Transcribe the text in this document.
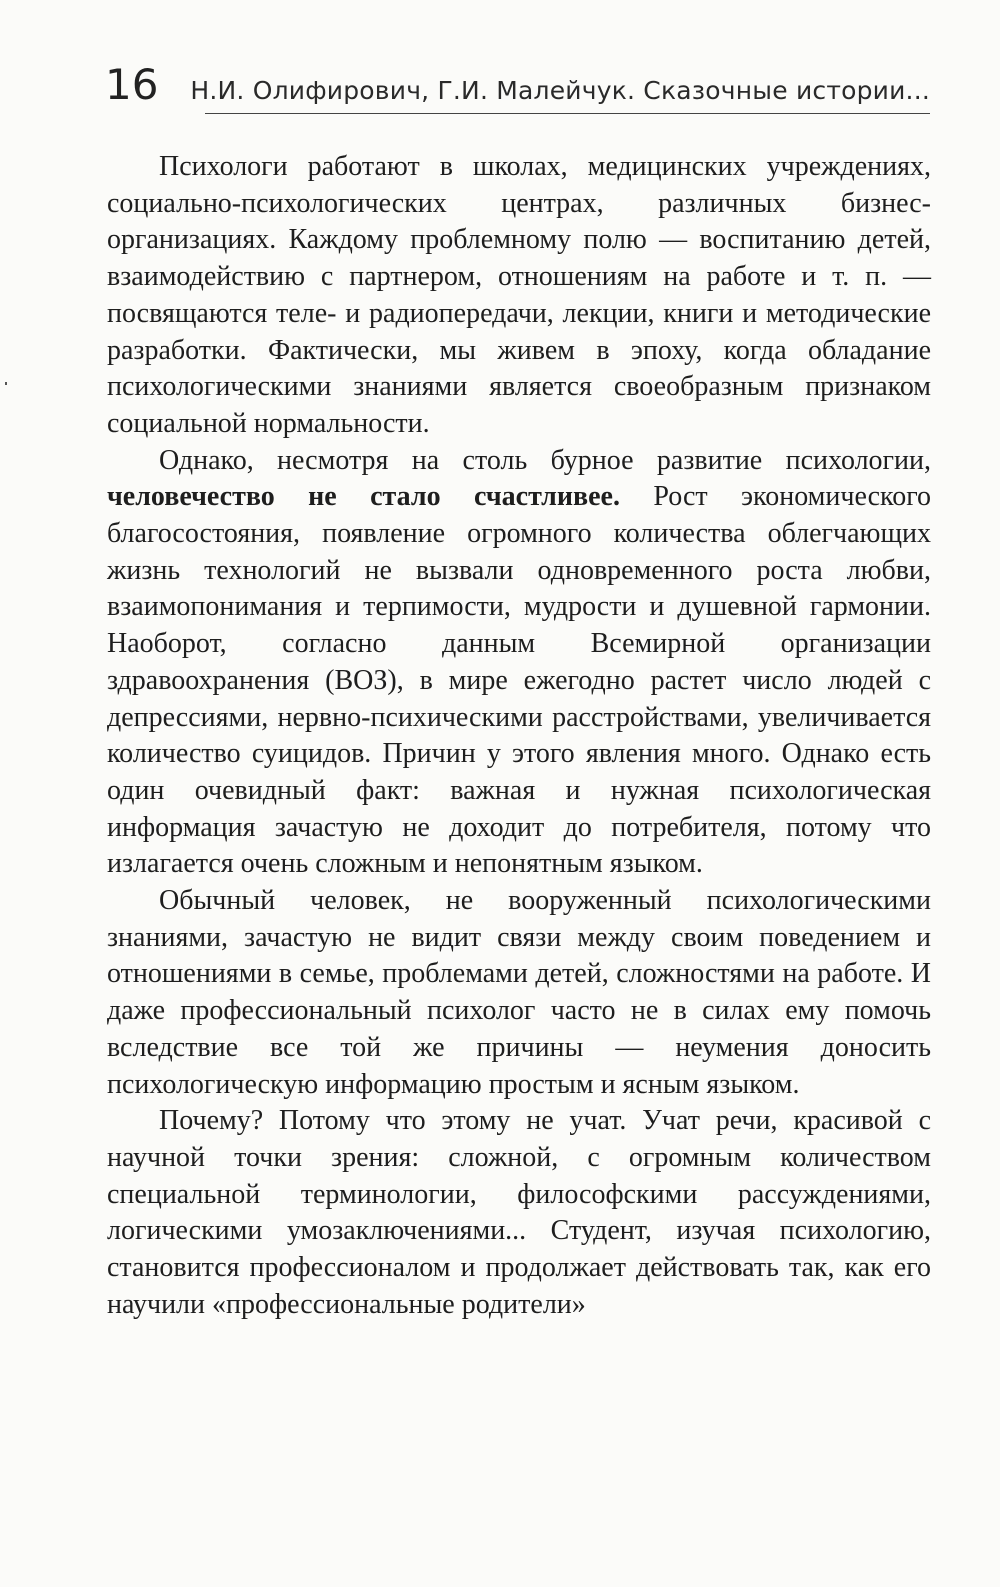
16 Н.И. Олифирович, Г.И. Малейчук. Сказочные истории...

Психологи работают в школах, медицинских учреждениях, социально-психологических центрах, различных бизнес-организациях. Каждому проблемному полю — воспитанию детей, взаимодействию с партнером, отношениям на работе и т. п. — посвящаются теле- и радиопередачи, лекции, книги и методические разработки. Фактически, мы живем в эпоху, когда обладание психологическими знаниями является своеобразным признаком социальной нормальности.

Однако, несмотря на столь бурное развитие психологии, человечество не стало счастливее. Рост экономического благосостояния, появление огромного количества облегчающих жизнь технологий не вызвали одновременного роста любви, взаимопонимания и терпимости, мудрости и душевной гармонии. Наоборот, согласно данным Всемирной организации здравоохранения (ВОЗ), в мире ежегодно растет число людей с депрессиями, нервно-психическими расстройствами, увеличивается количество суицидов. Причин у этого явления много. Однако есть один очевидный факт: важная и нужная психологическая информация зачастую не доходит до потребителя, потому что излагается очень сложным и непонятным языком.

Обычный человек, не вооруженный психологическими знаниями, зачастую не видит связи между своим поведением и отношениями в семье, проблемами детей, сложностями на работе. И даже профессиональный психолог часто не в силах ему помочь вследствие все той же причины — неумения доносить психологическую информацию простым и ясным языком.

Почему? Потому что этому не учат. Учат речи, красивой с научной точки зрения: сложной, с огромным количеством специальной терминологии, философскими рассуждениями, логическими умозаключениями... Студент, изучая психологию, становится профессионалом и продолжает действовать так, как его научили «профессиональные родители»
